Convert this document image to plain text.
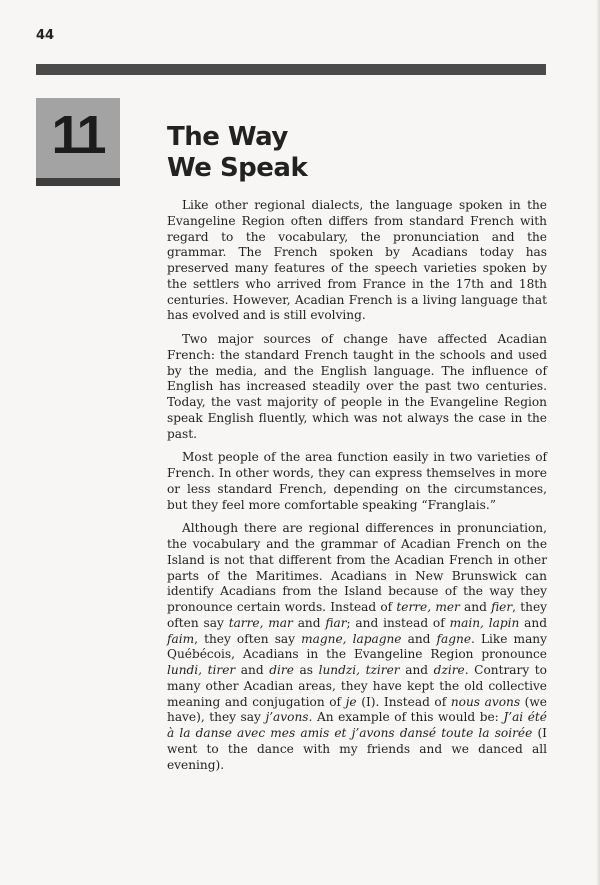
44
11	The Way
We Speak

Like other regional dialects, the language spoken in the Evangeline Region often differs from standard French with regard to the vocabulary, the pronunciation and the grammar. The French spoken by Acadians today has preserved many features of the speech varieties spoken by the settlers who arrived from France in the 17th and 18th centuries. However, Acadian French is a living language that has evolved and is still evolving.

Two major sources of change have affected Acadian French: the standard French taught in the schools and used by the media, and the English language. The influence of English has increased steadily over the past two centuries. Today, the vast majority of people in the Evangeline Region speak English fluently, which was not always the case in the past.

Most people of the area function easily in two varieties of French. In other words, they can express themselves in more or less standard French, depending on the circumstances, but they feel more comfortable speaking “Franglais.”

Although there are regional differences in pronunciation, the vocabulary and the grammar of Acadian French on the Island is not that different from the Acadian French in other parts of the Maritimes. Acadians in New Brunswick can identify Acadians from the Island because of the way they pronounce certain words. Instead of terre, mer and fier, they often say tarre, mar and fiar; and instead of main, lapin and faim, they often say magne, lapagne and fagne. Like many Québécois, Acadians in the Evangeline Region pronounce lundi, tirer and dire as lundzi, tzirer and dzire. Contrary to many other Acadian areas, they have kept the old collective meaning and conjugation of je (I). Instead of nous avons (we have), they say j’avons. An example of this would be: J’ai été à la danse avec mes amis et j’avons dansé toute la soirée (I went to the dance with my friends and we danced all evening).
